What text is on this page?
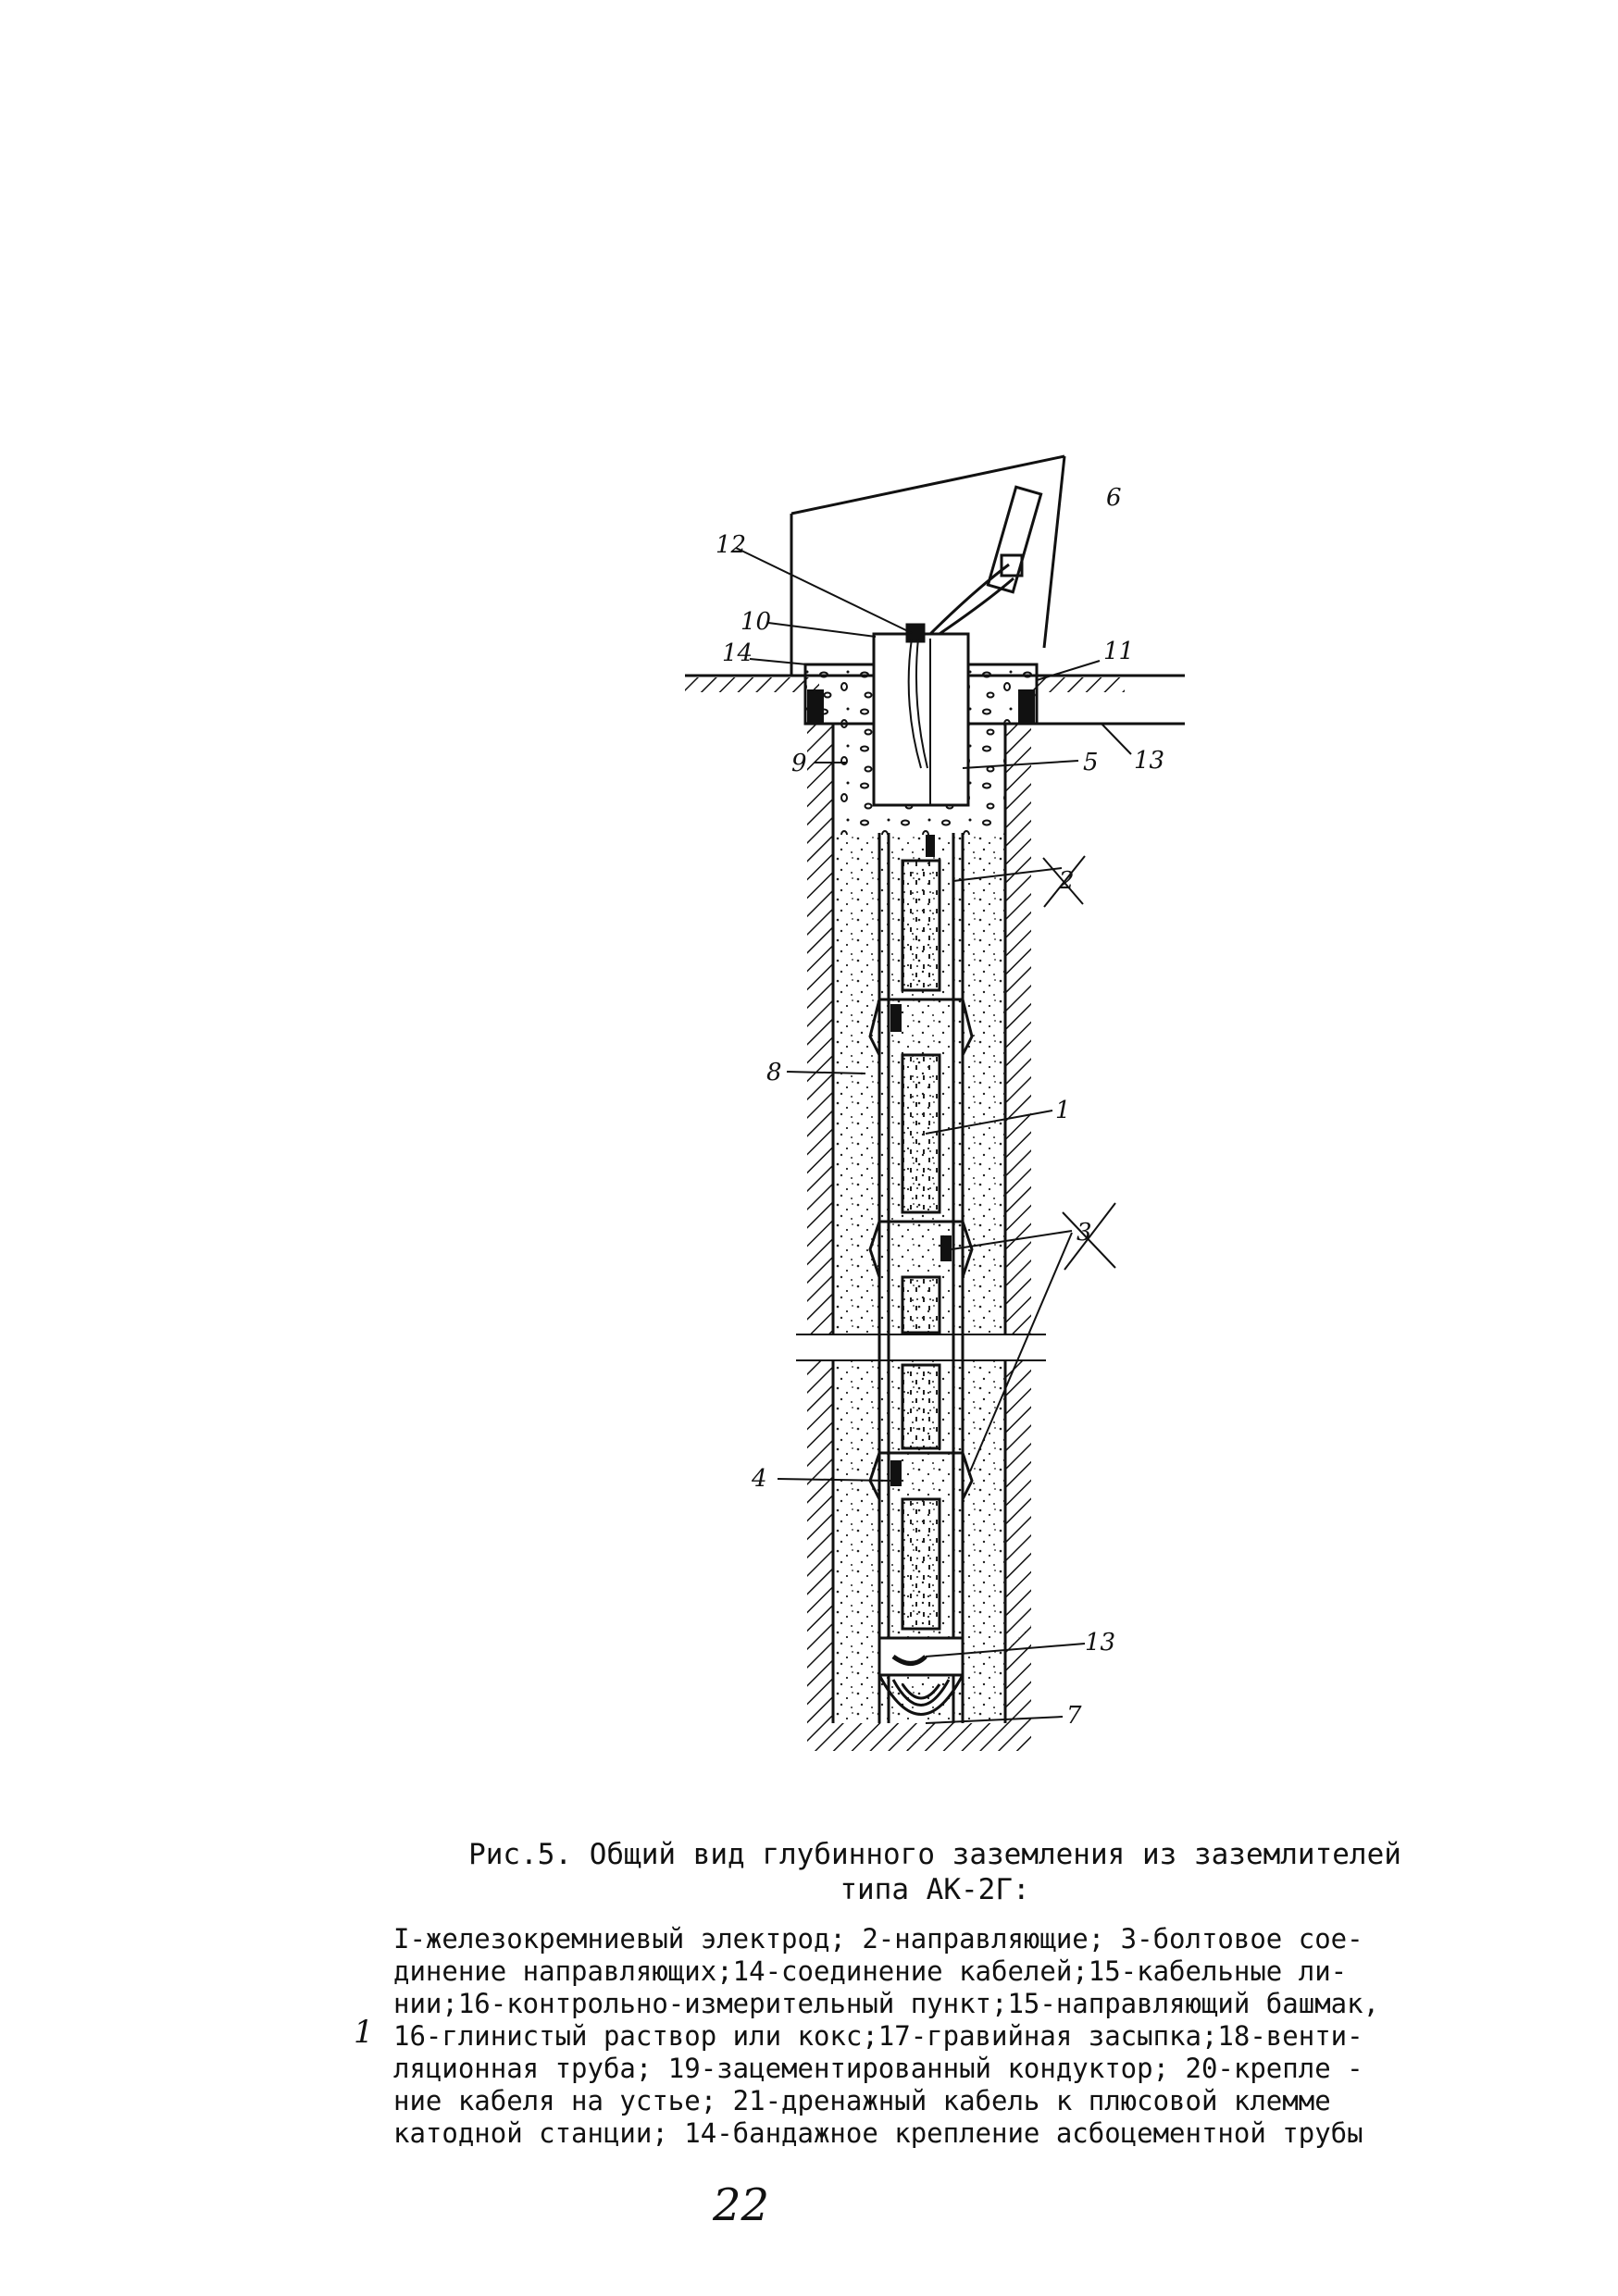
12
10
14
6
11
13
9	5
2
8
1
3
4
13
7
Рис.5. Общий вид глубинного заземления из заземлителей
типа АК-2Г:
I-железокремниевый электрод; 2-направляющие; 3-болтовое сое-
динение направляющих;14-соединение кабелей;15-кабельные ли-
нии;16-контрольно-измерительный пункт;15-направляющий башмак,
16-глинистый раствор или кокс;17-гравийная засыпка;18-венти-
ляционная труба; 19-зацементированный кондуктор; 20-крепле -
ние кабеля на устье; 21-дренажный кабель к плюсовой клемме
катодной станции; 14-бандажное крепление асбоцементной трубы
1
22
